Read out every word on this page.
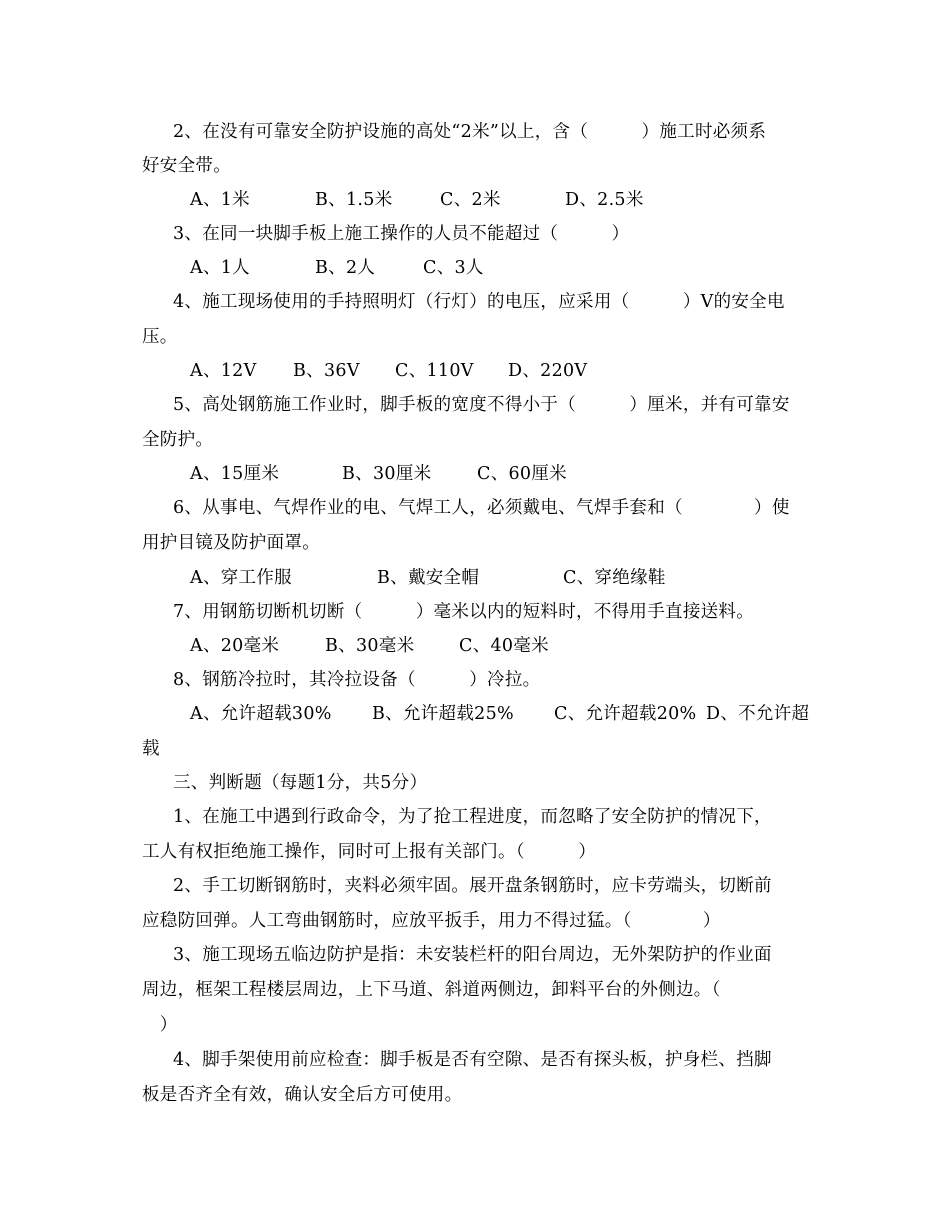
2、在没有可靠安全防护设施的高处“2米”以上，含（　　　）施工时必须系
好安全带。
A、1米	B、1.5米	C、2米	D、2.5米
3、在同一块脚手板上施工操作的人员不能超过（　　　）
A、1人	B、2人	C、3人
4、施工现场使用的手持照明灯（行灯）的电压，应采用（　　　）V的安全电
压。
A、12V B、36V C、110V D、220V
5、高处钢筋施工作业时，脚手板的宽度不得小于（　　　）厘米，并有可靠安
全防护。
A、15厘米	B、30厘米	C、60厘米
6、从事电、气焊作业的电、气焊工人，必须戴电、气焊手套和（　　　　）使
用护目镜及防护面罩。
A、穿工作服	B、戴安全帽	C、穿绝缘鞋
7、用钢筋切断机切断（　　　）毫米以内的短料时，不得用手直接送料。
A、20毫米	B、30毫米	C、40毫米
8、钢筋冷拉时，其冷拉设备（　　　）冷拉。
A、允许超载30% B、允许超载25% C、允许超载20% D、不允许超
载
三、判断题（每题1分，共5分）
1、在施工中遇到行政命令，为了抢工程进度，而忽略了安全防护的情况下，
工人有权拒绝施工操作，同时可上报有关部门。（　　　）
2、手工切断钢筋时，夹料必须牢固。展开盘条钢筋时，应卡劳端头，切断前
应稳防回弹。人工弯曲钢筋时，应放平扳手，用力不得过猛。（　　　　）
3、施工现场五临边防护是指：未安装栏杆的阳台周边，无外架防护的作业面
周边，框架工程楼层周边，上下马道、斜道两侧边，卸料平台的外侧边。（
　）
4、脚手架使用前应检查：脚手板是否有空隙、是否有探头板，护身栏、挡脚
板是否齐全有效，确认安全后方可使用。
